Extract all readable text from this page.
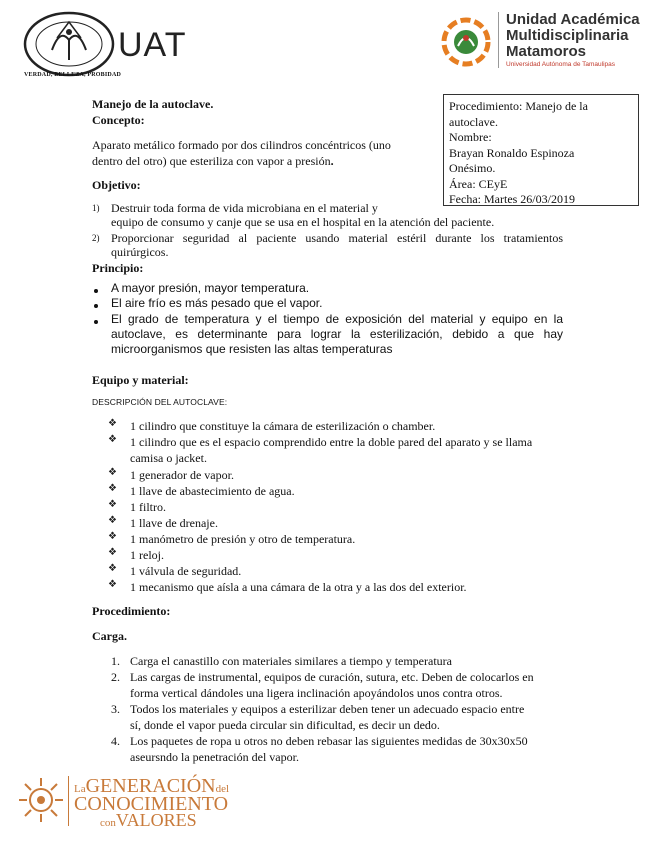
UAT
VERDAD, BELLEZA, PROBIDAD
Unidad Académica
Multidisciplinaria
Matamoros
Universidad Autónoma de Tamaulipas
Procedimiento: Manejo de la
autoclave.
Nombre:
Brayan Ronaldo Espinoza
Onésimo.
Área: CEyE
Fecha: Martes 26/03/2019
Manejo de la autoclave.
Concepto:
Aparato metálico formado por dos cilindros concéntricos (uno
dentro del otro) que esteriliza con vapor a presión.
Objetivo:
1) Destruir toda forma de vida microbiana en el material y
equipo de consumo y canje que se usa en el hospital en la atención del paciente.
2) Proporcionar seguridad al paciente usando material estéril durante los tratamientos
quirúrgicos.
Principio:
A mayor presión, mayor temperatura.
El aire frío es más pesado que el vapor.
El grado de temperatura y el tiempo de exposición del material y equipo en la
autoclave, es determinante para lograr la esterilización, debido a que hay
microorganismos que resisten las altas temperaturas
Equipo y material:
DESCRIPCIÓN DEL AUTOCLAVE:
❖ 1 cilindro que constituye la cámara de esterilización o chamber.
❖ 1 cilindro que es el espacio comprendido entre la doble pared del aparato y se llama
camisa o jacket.
❖ 1 generador de vapor.
❖ 1 llave de abastecimiento de agua.
❖ 1 filtro.
❖ 1 llave de drenaje.
❖ 1 manómetro de presión y otro de temperatura.
❖ 1 reloj.
❖ 1 válvula de seguridad.
❖ 1 mecanismo que aísla a una cámara de la otra y a las dos del exterior.
Procedimiento:
Carga.
1. Carga el canastillo con materiales similares a tiempo y temperatura
2. Las cargas de instrumental, equipos de curación, sutura, etc. Deben de colocarlos en
forma vertical dándoles una ligera inclinación apoyándolos unos contra otros.
3. Todos los materiales y equipos a esterilizar deben tener un adecuado espacio entre
sí, donde el vapor pueda circular sin dificultad, es decir un dedo.
4. Los paquetes de ropa u otros no deben rebasar las siguientes medidas de 30x30x50
aseursndo la penetración del vapor.
LaGENERACIÓNdel
CONOCIMIENTO
conVALORES
